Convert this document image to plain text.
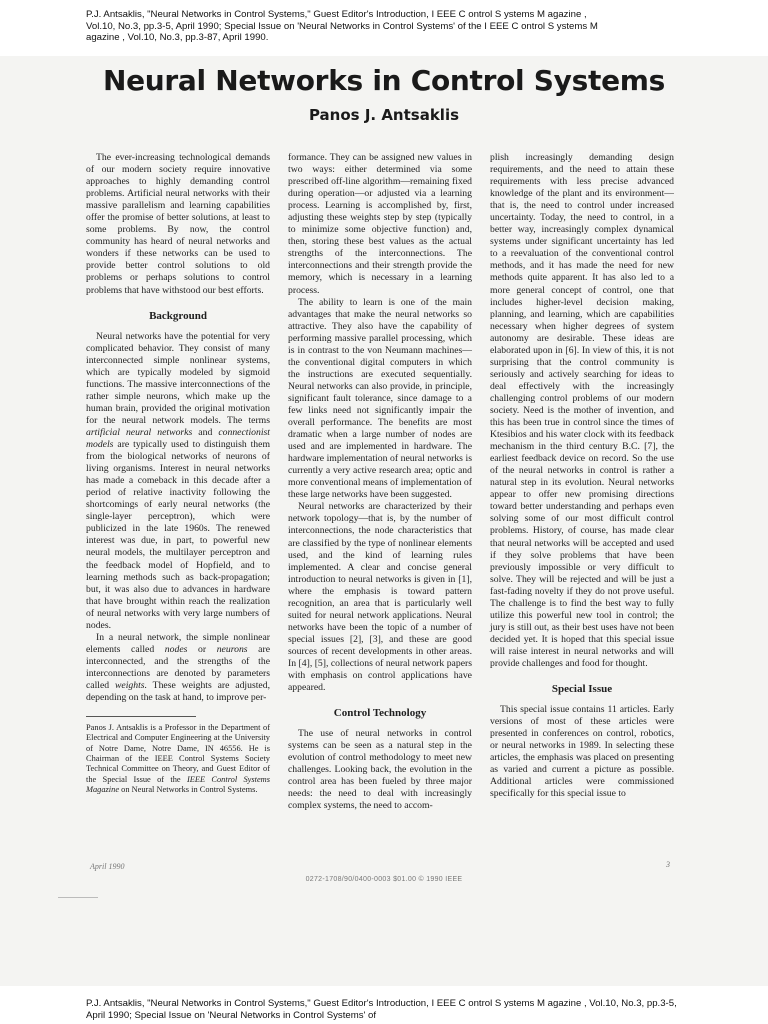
P.J. Antsaklis, "Neural Networks in Control Systems," Guest Editor's Introduction, I EEE C ontrol S ystems M agazine , Vol.10, No.3, pp.3-5, April 1990; Special Issue on 'Neural Networks in Control Systems' of the I EEE C ontrol S ystems M agazine , Vol.10, No.3, pp.3-87, April 1990.
Neural Networks in Control Systems
Panos J. Antsaklis

The ever-increasing technological demands of our modern society require innovative approaches to highly demanding control problems. Artificial neural networks with their massive parallelism and learning capabilities offer the promise of better solutions, at least to some problems. By now, the control community has heard of neural networks and wonders if these networks can be used to provide better control solutions to old problems or perhaps solutions to control problems that have withstood our best efforts.

Background

Neural networks have the potential for very complicated behavior. They consist of many interconnected simple nonlinear systems, which are typically modeled by sigmoid functions. The massive interconnections of the rather simple neurons, which make up the human brain, provided the original motivation for the neural network models. The terms artificial neural networks and connectionist models are typically used to distinguish them from the biological networks of neurons of living organisms. Interest in neural networks has made a comeback in this decade after a period of relative inactivity following the shortcomings of early neural networks (the single-layer perceptron), which were publicized in the late 1960s. The renewed interest was due, in part, to powerful new neural models, the multilayer perceptron and the feedback model of Hopfield, and to learning methods such as back-propagation; but, it was also due to advances in hardware that have brought within reach the realization of neural networks with very large numbers of nodes.

In a neural network, the simple nonlinear elements called nodes or neurons are interconnected, and the strengths of the interconnections are denoted by parameters called weights. These weights are adjusted, depending on the task at hand, to improve per-

Panos J. Antsaklis is a Professor in the Department of Electrical and Computer Engineering at the University of Notre Dame, Notre Dame, IN 46556. He is Chairman of the IEEE Control Systems Society Technical Committee on Theory, and Guest Editor of the Special Issue of the IEEE Control Systems Magazine on Neural Networks in Control Systems.

formance. They can be assigned new values in two ways: either determined via some prescribed off-line algorithm—remaining fixed during operation—or adjusted via a learning process. Learning is accomplished by, first, adjusting these weights step by step (typically to minimize some objective function) and, then, storing these best values as the actual strengths of the interconnections. The interconnections and their strength provide the memory, which is necessary in a learning process.

The ability to learn is one of the main advantages that make the neural networks so attractive. They also have the capability of performing massive parallel processing, which is in contrast to the von Neumann machines—the conventional digital computers in which the instructions are executed sequentially. Neural networks can also provide, in principle, significant fault tolerance, since damage to a few links need not significantly impair the overall performance. The benefits are most dramatic when a large number of nodes are used and are implemented in hardware. The hardware implementation of neural networks is currently a very active research area; optic and more conventional means of implementation of these large networks have been suggested.

Neural networks are characterized by their network topology—that is, by the number of interconnections, the node characteristics that are classified by the type of nonlinear elements used, and the kind of learning rules implemented. A clear and concise general introduction to neural networks is given in [1], where the emphasis is toward pattern recognition, an area that is particularly well suited for neural network applications. Neural networks have been the topic of a number of special issues [2], [3], and these are good sources of recent developments in other areas. In [4], [5], collections of neural network papers with emphasis on control applications have appeared.

Control Technology

The use of neural networks in control systems can be seen as a natural step in the evolution of control methodology to meet new challenges. Looking back, the evolution in the control area has been fueled by three major needs: the need to deal with increasingly complex systems, the need to accom-

plish increasingly demanding design requirements, and the need to attain these requirements with less precise advanced knowledge of the plant and its environment—that is, the need to control under increased uncertainty. Today, the need to control, in a better way, increasingly complex dynamical systems under significant uncertainty has led to a reevaluation of the conventional control methods, and it has made the need for new methods quite apparent. It has also led to a more general concept of control, one that includes higher-level decision making, planning, and learning, which are capabilities necessary when higher degrees of system autonomy are desirable. These ideas are elaborated upon in [6]. In view of this, it is not surprising that the control community is seriously and actively searching for ideas to deal effectively with the increasingly challenging control problems of our modern society. Need is the mother of invention, and this has been true in control since the times of Ktesibios and his water clock with its feedback mechanism in the third century B.C. [7], the earliest feedback device on record. So the use of the neural networks in control is rather a natural step in its evolution. Neural networks appear to offer new promising directions toward better understanding and perhaps even solving some of our most difficult control problems. History, of course, has made clear that neural networks will be accepted and used if they solve problems that have been previously impossible or very difficult to solve. They will be rejected and will be just a fast-fading novelty if they do not prove useful. The challenge is to find the best way to fully utilize this powerful new tool in control; the jury is still out, as their best uses have not been decided yet. It is hoped that this special issue will raise interest in neural networks and will provide challenges and food for thought.

Special Issue

This special issue contains 11 articles. Early versions of most of these articles were presented in conferences on control, robotics, or neural networks in 1989. In selecting these articles, the emphasis was placed on presenting as varied and current a picture as possible. Additional articles were commissioned specifically for this special issue to

April 1990
0272-1708/90/0400-0003 $01.00 © 1990 IEEE
3
P.J. Antsaklis, "Neural Networks in Control Systems," Guest Editor's Introduction, I EEE C ontrol S ystems M agazine , Vol.10, No.3, pp.3-5, April 1990; Special Issue on 'Neural Networks in Control Systems' of
